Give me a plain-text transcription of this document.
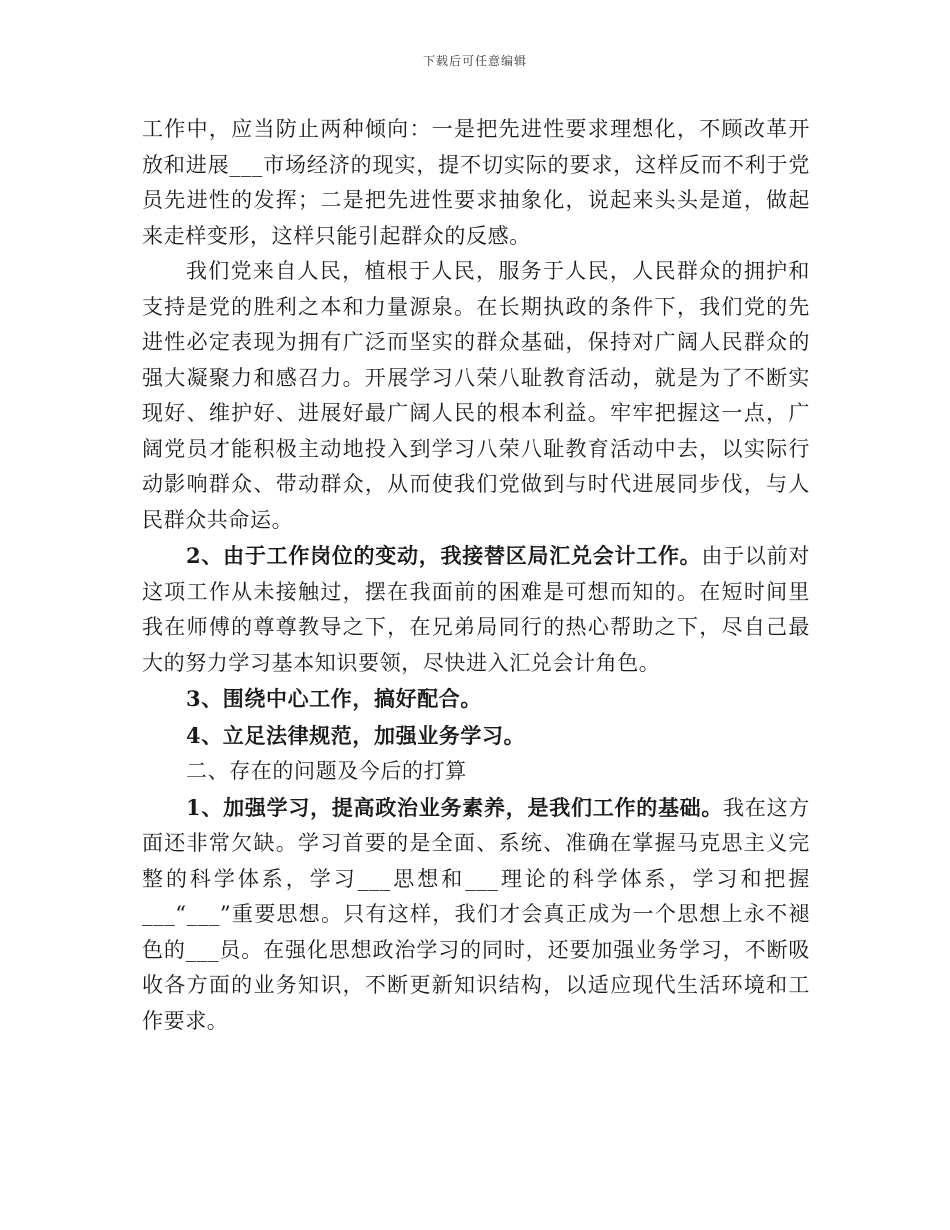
下载后可任意编辑

工作中，应当防止两种倾向：一是把先进性要求理想化，不顾改革开放和进展___市场经济的现实，提不切实际的要求，这样反而不利于党员先进性的发挥；二是把先进性要求抽象化，说起来头头是道，做起来走样变形，这样只能引起群众的反感。

我们党来自人民，植根于人民，服务于人民，人民群众的拥护和支持是党的胜利之本和力量源泉。在长期执政的条件下，我们党的先进性必定表现为拥有广泛而坚实的群众基础，保持对广阔人民群众的强大凝聚力和感召力。开展学习八荣八耻教育活动，就是为了不断实现好、维护好、进展好最广阔人民的根本利益。牢牢把握这一点，广阔党员才能积极主动地投入到学习八荣八耻教育活动中去，以实际行动影响群众、带动群众，从而使我们党做到与时代进展同步伐，与人民群众共命运。

2、由于工作岗位的变动，我接替区局汇兑会计工作。由于以前对这项工作从未接触过，摆在我面前的困难是可想而知的。在短时间里我在师傅的尊尊教导之下，在兄弟局同行的热心帮助之下，尽自己最大的努力学习基本知识要领，尽快进入汇兑会计角色。

3、围绕中心工作，搞好配合。

4、立足法律规范，加强业务学习。

二、存在的问题及今后的打算

1、加强学习，提高政治业务素养，是我们工作的基础。我在这方面还非常欠缺。学习首要的是全面、系统、准确在掌握马克思主义完整的科学体系，学习___思想和___理论的科学体系，学习和把握___“___”重要思想。只有这样，我们才会真正成为一个思想上永不褪色的___员。在强化思想政治学习的同时，还要加强业务学习，不断吸收各方面的业务知识，不断更新知识结构，以适应现代生活环境和工作要求。
